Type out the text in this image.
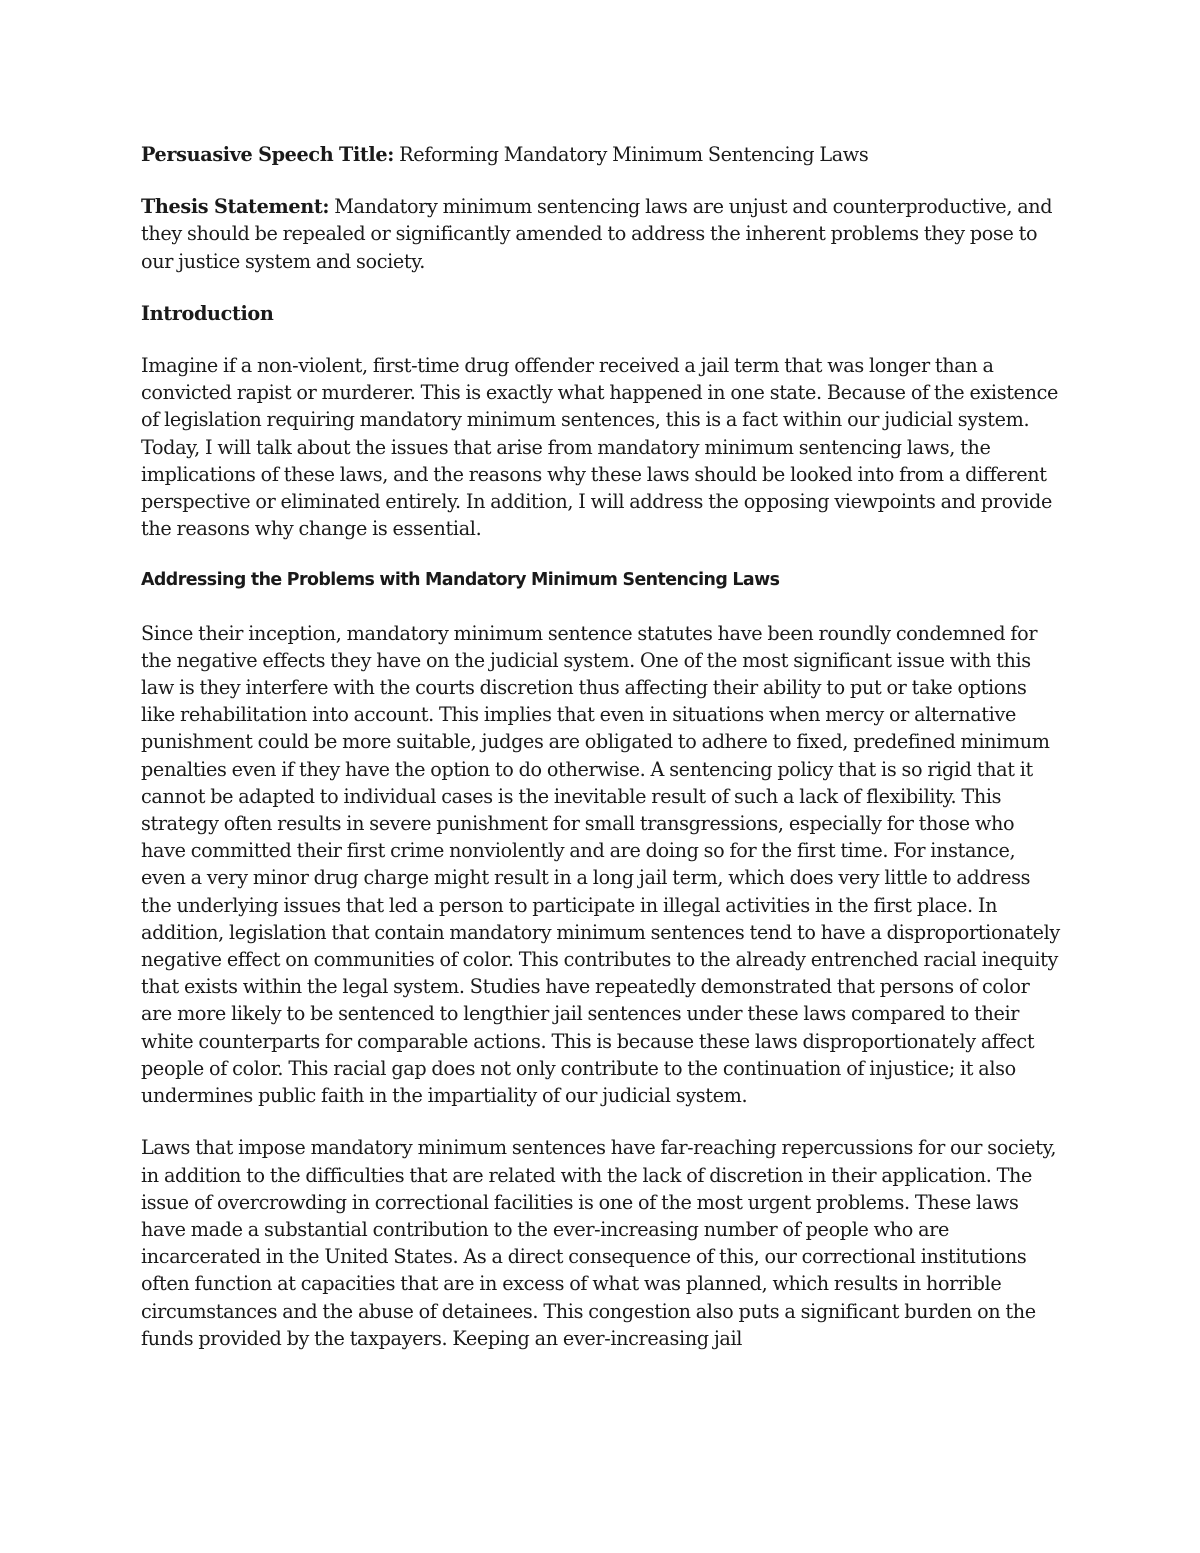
Persuasive Speech Title: Reforming Mandatory Minimum Sentencing Laws

Thesis Statement: Mandatory minimum sentencing laws are unjust and counterproductive, and they should be repealed or significantly amended to address the inherent problems they pose to our justice system and society.

Introduction

Imagine if a non-violent, first-time drug offender received a jail term that was longer than a convicted rapist or murderer. This is exactly what happened in one state. Because of the existence of legislation requiring mandatory minimum sentences, this is a fact within our judicial system. Today, I will talk about the issues that arise from mandatory minimum sentencing laws, the implications of these laws, and the reasons why these laws should be looked into from a different perspective or eliminated entirely. In addition, I will address the opposing viewpoints and provide the reasons why change is essential.

Addressing the Problems with Mandatory Minimum Sentencing Laws

Since their inception, mandatory minimum sentence statutes have been roundly condemned for the negative effects they have on the judicial system. One of the most significant issue with this law is they interfere with the courts discretion thus affecting their ability to put or take options like rehabilitation into account. This implies that even in situations when mercy or alternative punishment could be more suitable, judges are obligated to adhere to fixed, predefined minimum penalties even if they have the option to do otherwise. A sentencing policy that is so rigid that it cannot be adapted to individual cases is the inevitable result of such a lack of flexibility. This strategy often results in severe punishment for small transgressions, especially for those who have committed their first crime nonviolently and are doing so for the first time. For instance, even a very minor drug charge might result in a long jail term, which does very little to address the underlying issues that led a person to participate in illegal activities in the first place. In addition, legislation that contain mandatory minimum sentences tend to have a disproportionately negative effect on communities of color. This contributes to the already entrenched racial inequity that exists within the legal system. Studies have repeatedly demonstrated that persons of color are more likely to be sentenced to lengthier jail sentences under these laws compared to their white counterparts for comparable actions. This is because these laws disproportionately affect people of color. This racial gap does not only contribute to the continuation of injustice; it also undermines public faith in the impartiality of our judicial system.

Laws that impose mandatory minimum sentences have far-reaching repercussions for our society, in addition to the difficulties that are related with the lack of discretion in their application. The issue of overcrowding in correctional facilities is one of the most urgent problems. These laws have made a substantial contribution to the ever-increasing number of people who are incarcerated in the United States. As a direct consequence of this, our correctional institutions often function at capacities that are in excess of what was planned, which results in horrible circumstances and the abuse of detainees. This congestion also puts a significant burden on the funds provided by the taxpayers. Keeping an ever-increasing jail
